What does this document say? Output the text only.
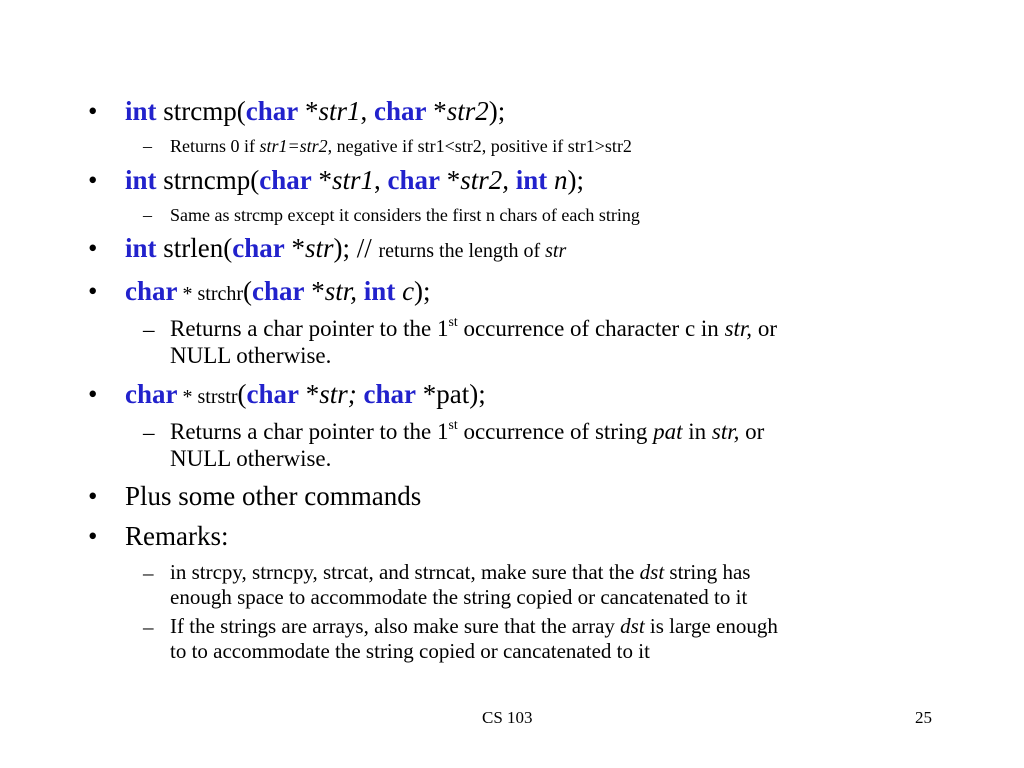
• int strcmp(char *str1, char *str2);
– Returns 0 if str1=str2, negative if str1<str2, positive if str1>str2
• int strncmp(char *str1, char *str2, int n);
– Same as strcmp except it considers the first n chars of each string
• int strlen(char *str); // returns the length of str
• char * strchr(char *str, int c);
– Returns a char pointer to the 1st occurrence of character c in str, or
NULL otherwise.
• char * strstr(char *str; char *pat);
– Returns a char pointer to the 1st occurrence of string pat in str, or
NULL otherwise.
• Plus some other commands
• Remarks:
– in strcpy, strncpy, strcat, and strncat, make sure that the dst string has
enough space to accommodate the string copied or cancatenated to it
– If the strings are arrays, also make sure that the array dst is large enough
to to accommodate the string copied or cancatenated to it
CS 103	25
